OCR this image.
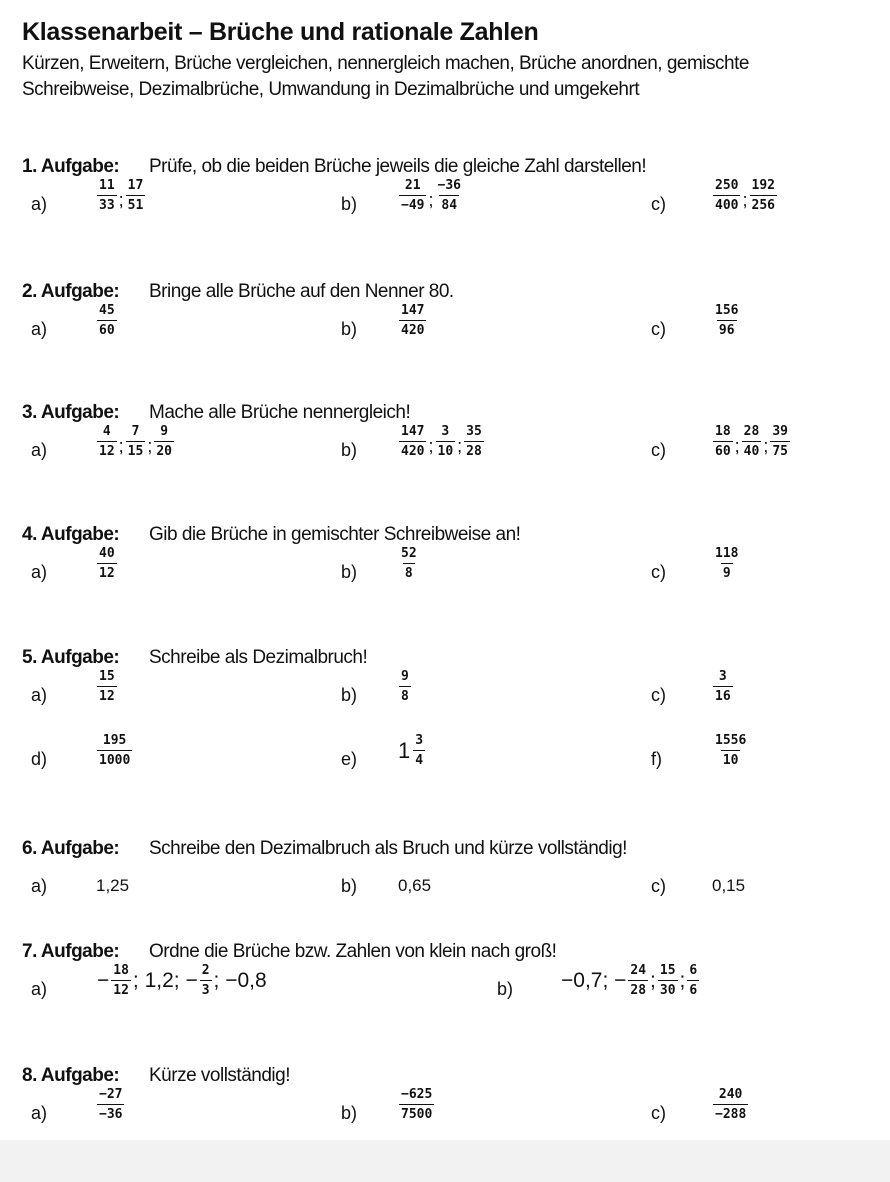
Klassenarbeit – Brüche und rationale Zahlen
Kürzen, Erweitern, Brüche vergleichen, nennergleich machen, Brüche anordnen, gemischte
Schreibweise, Dezimalbrüche, Umwandung in Dezimalbrüche und umgekehrt
1. Aufgabe: Prüfe, ob die beiden Brüche jeweils die gleiche Zahl darstellen!
a)	$\frac{11}{33}$ ; $\frac{17}{51}$	b)	$\frac{21}{-49}$ ; $\frac{-36}{84}$	c)	$\frac{250}{400}$ ; $\frac{192}{256}$
2. Aufgabe: Bringe alle Brüche auf den Nenner 80.
a)	$\frac{45}{60}$	b)	$\frac{147}{420}$	c)	$\frac{156}{96}$
3. Aufgabe: Mache alle Brüche nennergleich!
a)	$\frac{4}{12}$ ; $\frac{7}{15}$ ; $\frac{9}{20}$	b)	$\frac{147}{420}$ ; $\frac{3}{10}$ ; $\frac{35}{28}$	c)	$\frac{18}{60}$ ; $\frac{28}{40}$ ; $\frac{39}{75}$
4. Aufgabe: Gib die Brüche in gemischter Schreibweise an!
a)	$\frac{40}{12}$	b)	$\frac{52}{8}$	c)	$\frac{118}{9}$
5. Aufgabe: Schreibe als Dezimalbruch!
a)	$\frac{15}{12}$	b)	$\frac{9}{8}$	c)	$\frac{3}{16}$
d)	$\frac{195}{1000}$	e) $1 \frac{3}{4}$	f)	$\frac{1556}{10}$
6. Aufgabe: Schreibe den Dezimalbruch als Bruch und kürze vollständig!
a)	1,25	b) 0,65	c)	0,15
7. Aufgabe: Ordne die Brüche bzw. Zahlen von klein nach groß!
$a) - \frac{18}{12}$ ; 1,2; − $\frac{2}{3}$ ; −0,8	b) −0,7; − $\frac{24}{28}$ ; $\frac{15}{30}$ ; $\frac{6}{6}$
8. Aufgabe: Kürze vollständig!
a)	$\frac{-27}{-36}$	b)	$\frac{-625}{7500}$	c)	$\frac{240}{-288}$
